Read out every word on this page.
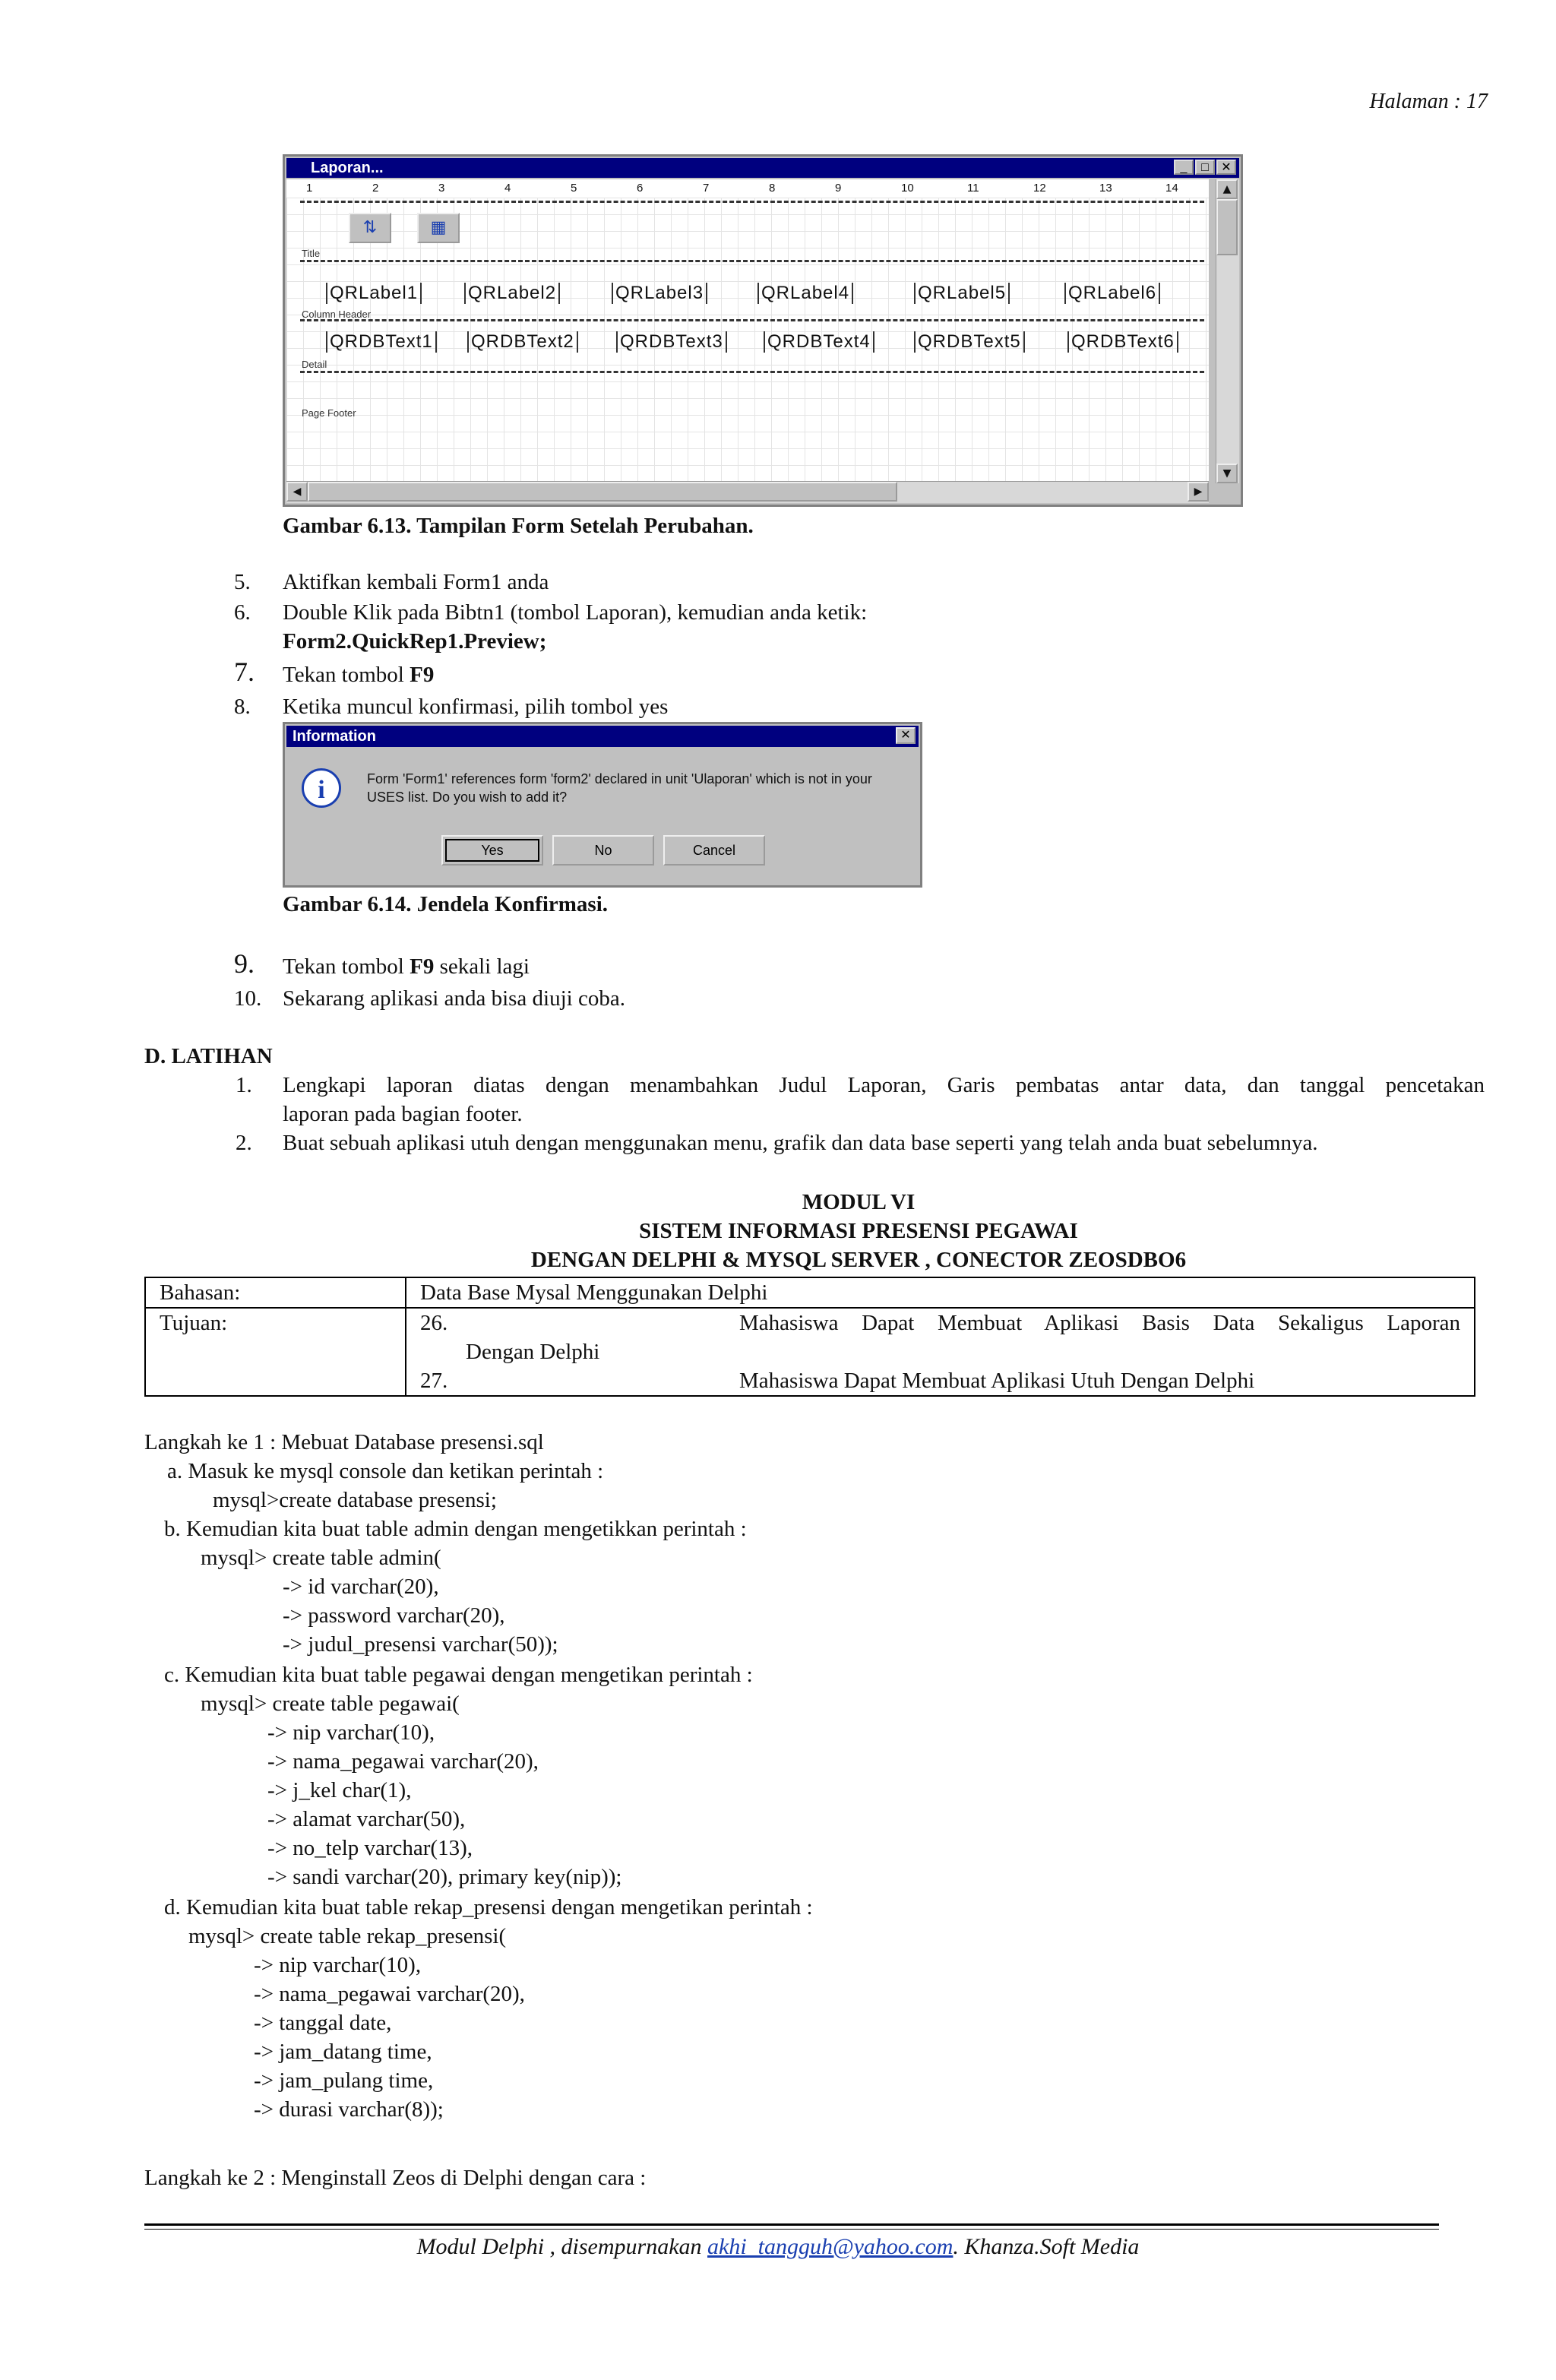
Halaman : 17
Laporan...	_	□	✕
1	2	3	4	5	6	7	8	9	10	11	12	13	14
⇅	▦
Title
Column Header
Detail
Page Footer
QRLabel1	QRLabel2	QRLabel3	QRLabel4	QRLabel5	QRLabel6
QRDBText1 QRDBText2	QRDBText3 QRDBText4	QRDBText5	QRDBText6
▲
▼
◀	▶
Gambar 6.13. Tampilan Form Setelah Perubahan.
5. Aktifkan kembali Form1 anda
6. Double Klik pada Bibtn1 (tombol Laporan), kemudian anda ketik:
Form2.QuickRep1.Preview;
7. Tekan tombol F9
8. Ketika muncul konfirmasi, pilih tombol yes
Information	✕
i	Form 'Form1' references form 'form2' declared in unit 'Ulaporan' which is not in your USES list. Do you wish to add it?
Yes	No	Cancel
Gambar 6.14. Jendela Konfirmasi.
9. Tekan tombol F9 sekali lagi
10. Sekarang aplikasi anda bisa diuji coba.
D. LATIHAN
1. Lengkapi laporan diatas dengan menambahkan Judul Laporan, Garis pembatas antar data, dan tanggal pencetakan
laporan pada bagian footer.
2. Buat sebuah aplikasi utuh dengan menggunakan menu, grafik dan data base seperti yang telah anda buat sebelumnya.
MODUL VI
SISTEM INFORMASI PRESENSI PEGAWAI
DENGAN DELPHI & MYSQL SERVER , CONECTOR ZEOSDBO6
Bahasan:	Data Base Mysal Menggunakan Delphi
Tujuan:	26. Mahasiswa Dapat Membuat Aplikasi Basis Data Sekaligus Laporan
Dengan Delphi
27. Mahasiswa Dapat Membuat Aplikasi Utuh Dengan Delphi
Langkah ke 1 : Mebuat Database presensi.sql
a. Masuk ke mysql console dan ketikan perintah :
mysql>create database presensi;
b. Kemudian kita buat table admin dengan mengetikkan perintah :
mysql> create table admin(
-> id varchar(20),
-> password varchar(20),
-> judul_presensi varchar(50));
c. Kemudian kita buat table pegawai dengan mengetikan perintah :
mysql> create table pegawai(
-> nip varchar(10),
-> nama_pegawai varchar(20),
-> j_kel char(1),
-> alamat varchar(50),
-> no_telp varchar(13),
-> sandi varchar(20), primary key(nip));
d. Kemudian kita buat table rekap_presensi dengan mengetikan perintah :
mysql> create table rekap_presensi(
-> nip varchar(10),
-> nama_pegawai varchar(20),
-> tanggal date,
-> jam_datang time,
-> jam_pulang time,
-> durasi varchar(8));
Langkah ke 2 : Menginstall Zeos di Delphi dengan cara :
Modul Delphi , disempurnakan akhi_tangguh@yahoo.com. Khanza.Soft Media
